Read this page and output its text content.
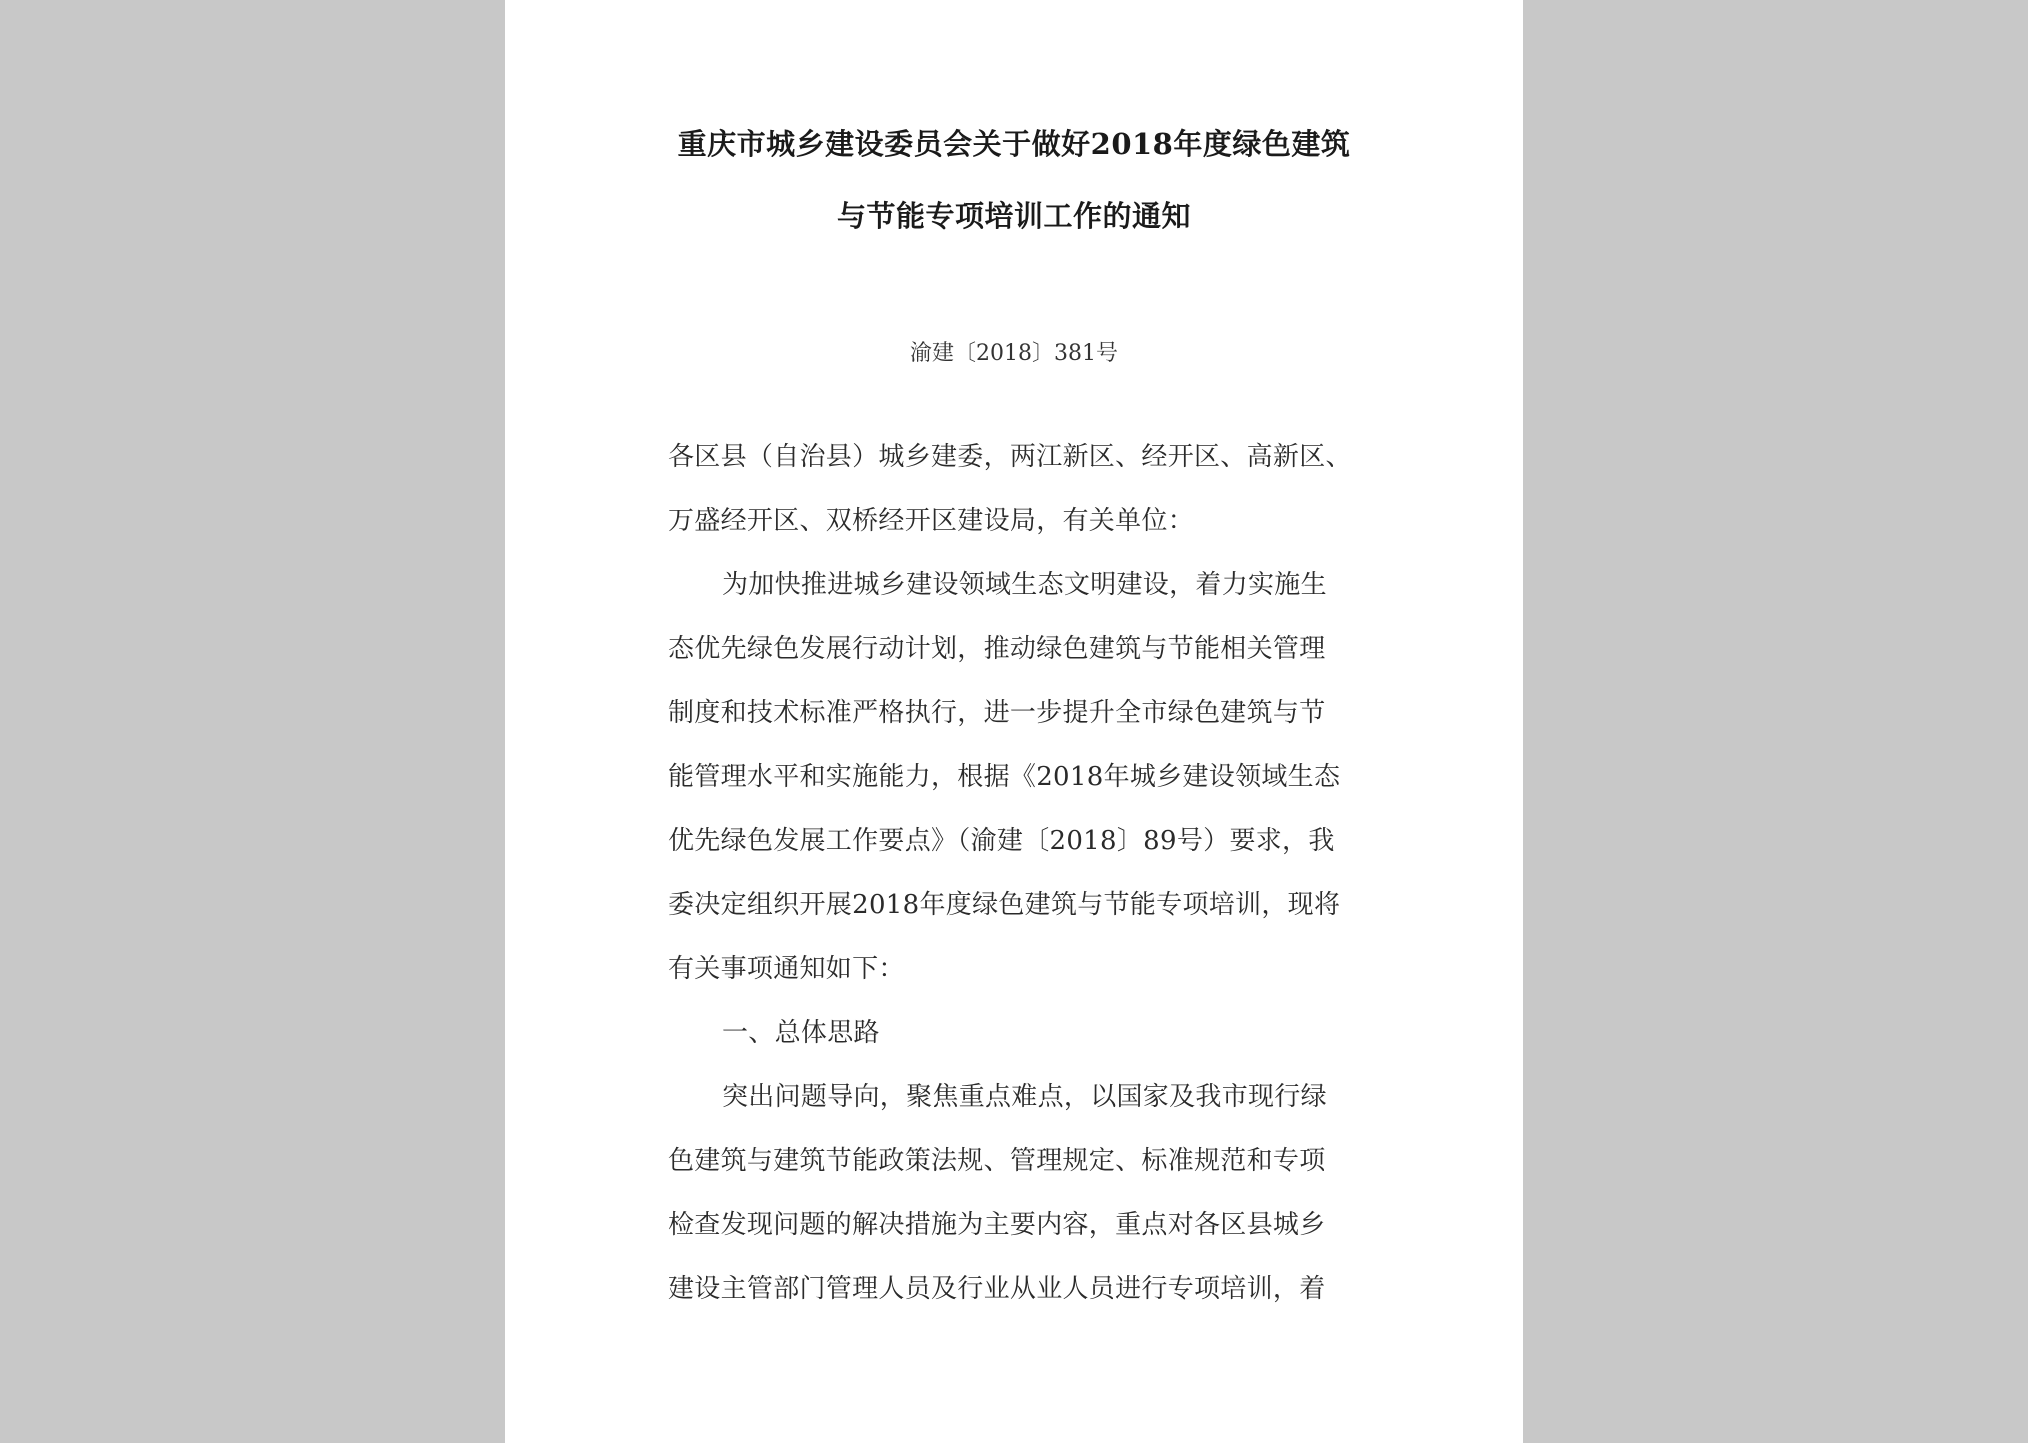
重庆市城乡建设委员会关于做好2018年度绿色建筑
与节能专项培训工作的通知
渝建〔2018〕381号
各区县（自治县）城乡建委，两江新区、经开区、高新区、
万盛经开区、双桥经开区建设局，有关单位：
为加快推进城乡建设领域生态文明建设，着力实施生
态优先绿色发展行动计划，推动绿色建筑与节能相关管理
制度和技术标准严格执行，进一步提升全市绿色建筑与节
能管理水平和实施能力，根据《2018年城乡建设领域生态
优先绿色发展工作要点》（渝建〔2018〕89号）要求，我
委决定组织开展2018年度绿色建筑与节能专项培训，现将
有关事项通知如下：
一、总体思路
突出问题导向，聚焦重点难点，以国家及我市现行绿
色建筑与建筑节能政策法规、管理规定、标准规范和专项
检查发现问题的解决措施为主要内容，重点对各区县城乡
建设主管部门管理人员及行业从业人员进行专项培训，着
